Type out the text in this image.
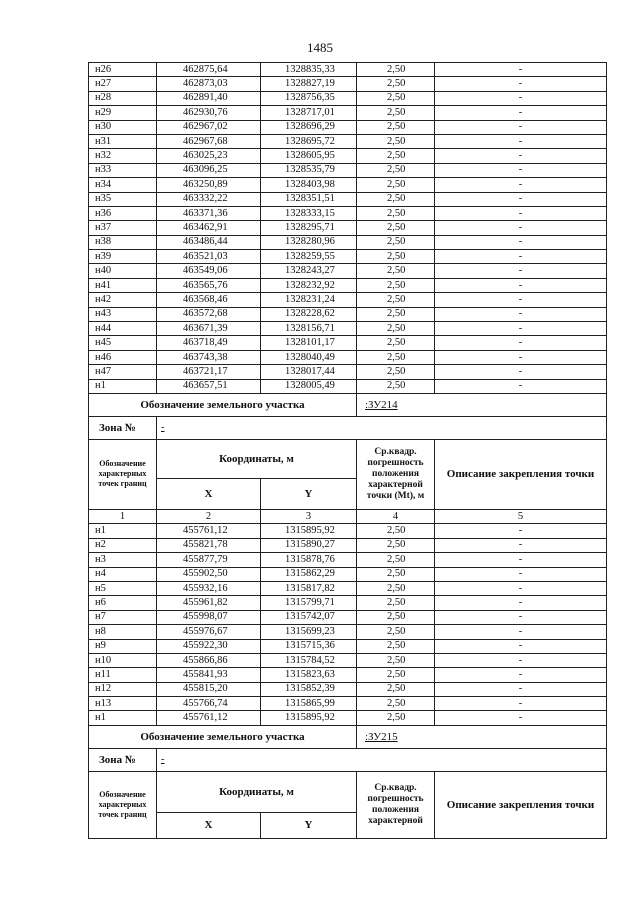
1485
н26	462875,64	1328835,33	2,50	-
н27	462873,03	1328827,19	2,50	-
н28	462891,40	1328756,35	2,50	-
н29	462930,76	1328717,01	2,50	-
н30	462967,02	1328696,29	2,50	-
н31	462967,68	1328695,72	2,50	-
н32	463025,23	1328605,95	2,50	-
н33	463096,25	1328535,79	2,50	-
н34	463250,89	1328403,98	2,50	-
н35	463332,22	1328351,51	2,50	-
н36	463371,36	1328333,15	2,50	-
н37	463462,91	1328295,71	2,50	-
н38	463486,44	1328280,96	2,50	-
н39	463521,03	1328259,55	2,50	-
н40	463549,06	1328243,27	2,50	-
н41	463565,76	1328232,92	2,50	-
н42	463568,46	1328231,24	2,50	-
н43	463572,68	1328228,62	2,50	-
н44	463671,39	1328156,71	2,50	-
н45	463718,49	1328101,17	2,50	-
н46	463743,38	1328040,49	2,50	-
н47	463721,17	1328017,44	2,50	-
н1	463657,51	1328005,49	2,50	-
Обозначение земельного участка			:ЗУ214	
Зона №	-			
Обозначение характерных точек границ	Координаты, м		Ср.квадр. погрешность положения характерной точки (Mt), м	Описание закрепления точки
	X	Y		
1	2	3	4	5
н1	455761,12	1315895,92	2,50	-
н2	455821,78	1315890,27	2,50	-
н3	455877,79	1315878,76	2,50	-
н4	455902,50	1315862,29	2,50	-
н5	455932,16	1315817,82	2,50	-
н6	455961,82	1315799,71	2,50	-
н7	455998,07	1315742,07	2,50	-
н8	455976,67	1315699,23	2,50	-
н9	455922,30	1315715,36	2,50	-
н10	455866,86	1315784,52	2,50	-
н11	455841,93	1315823,63	2,50	-
н12	455815,20	1315852,39	2,50	-
н13	455766,74	1315865,99	2,50	-
н1	455761,12	1315895,92	2,50	-
Обозначение земельного участка			:ЗУ215	
Зона №	-			
Обозначение характерных точек границ	Координаты, м		Ср.квадр. погрешность положения характерной	Описание закрепления точки
	X	Y		
